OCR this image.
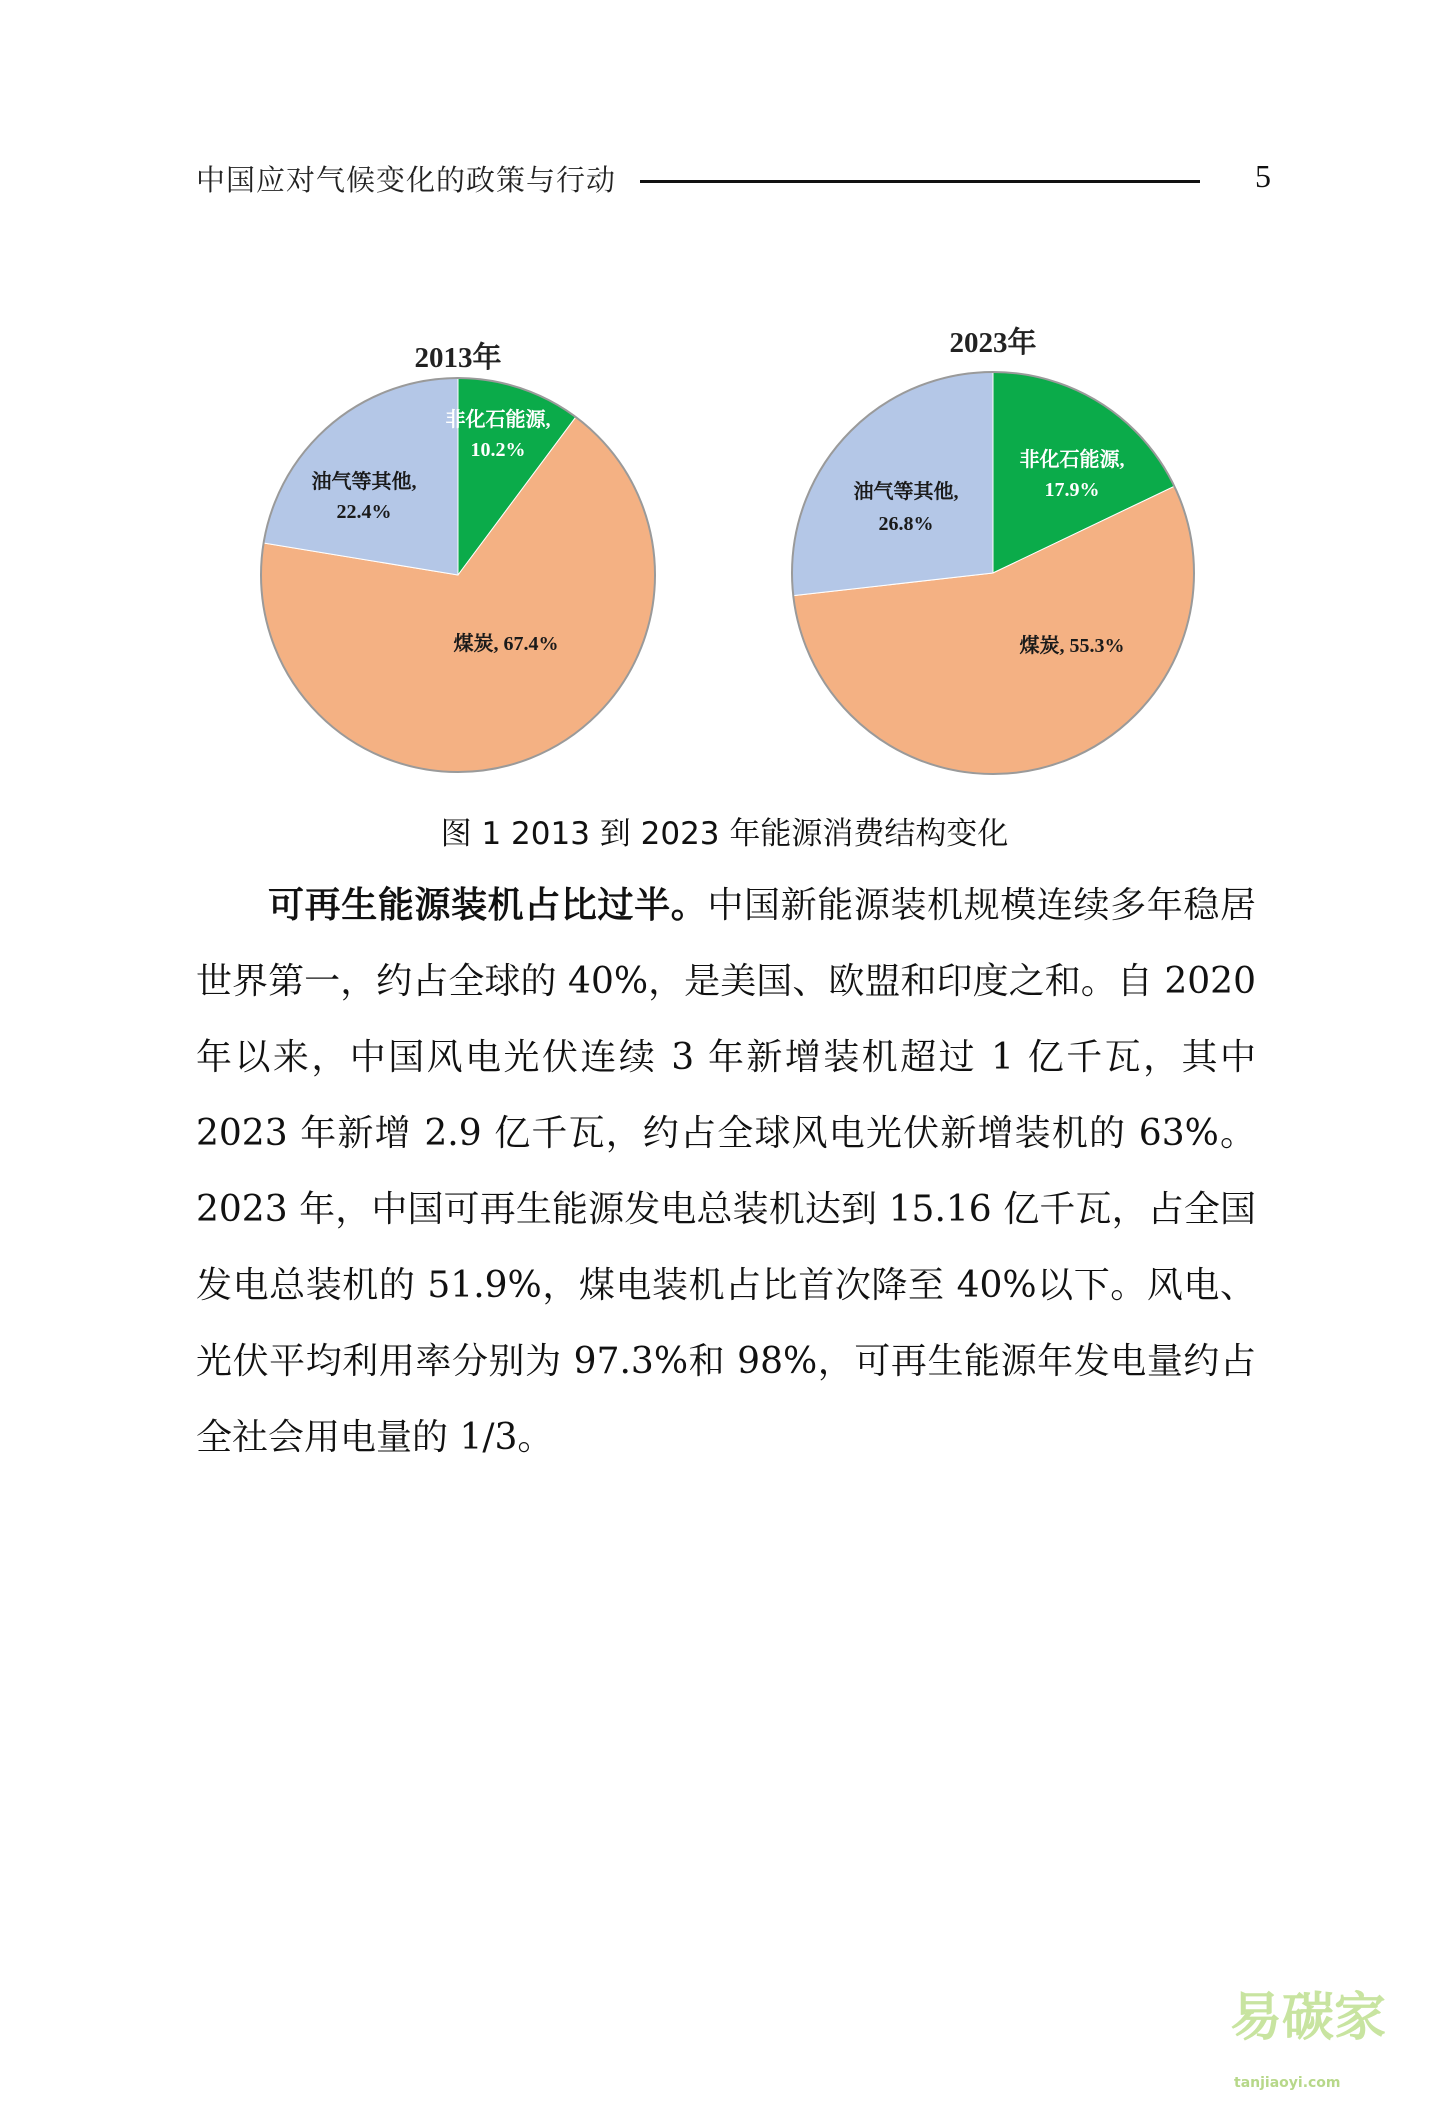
中国应对气候变化的政策与行动	5
2013年
非化石能源,
10.2%
煤炭, 67.4%
油气等其他,
22.4%
2023年
非化石能源,
17.9%
煤炭, 55.3%
油气等其他,
26.8%
图 1 2013 到 2023 年能源消费结构变化
可再生能源装机占比过半。中国新能源装机规模连续多年稳居世界第一，约占全球的 40%，是美国、欧盟和印度之和。自 2020 年以来，中国风电光伏连续 3 年新增装机超过 1 亿千瓦，其中 2023 年新增 2.9 亿千瓦，约占全球风电光伏新增装机的 63%。2023 年，中国可再生能源发电总装机达到 15.16 亿千瓦，占全国发电总装机的 51.9%，煤电装机占比首次降至 40%以下。风电、光伏平均利用率分别为 97.3%和 98%，可再生能源年发电量约占全社会用电量的 1/3。
易碳家tanjiaoyi.com
